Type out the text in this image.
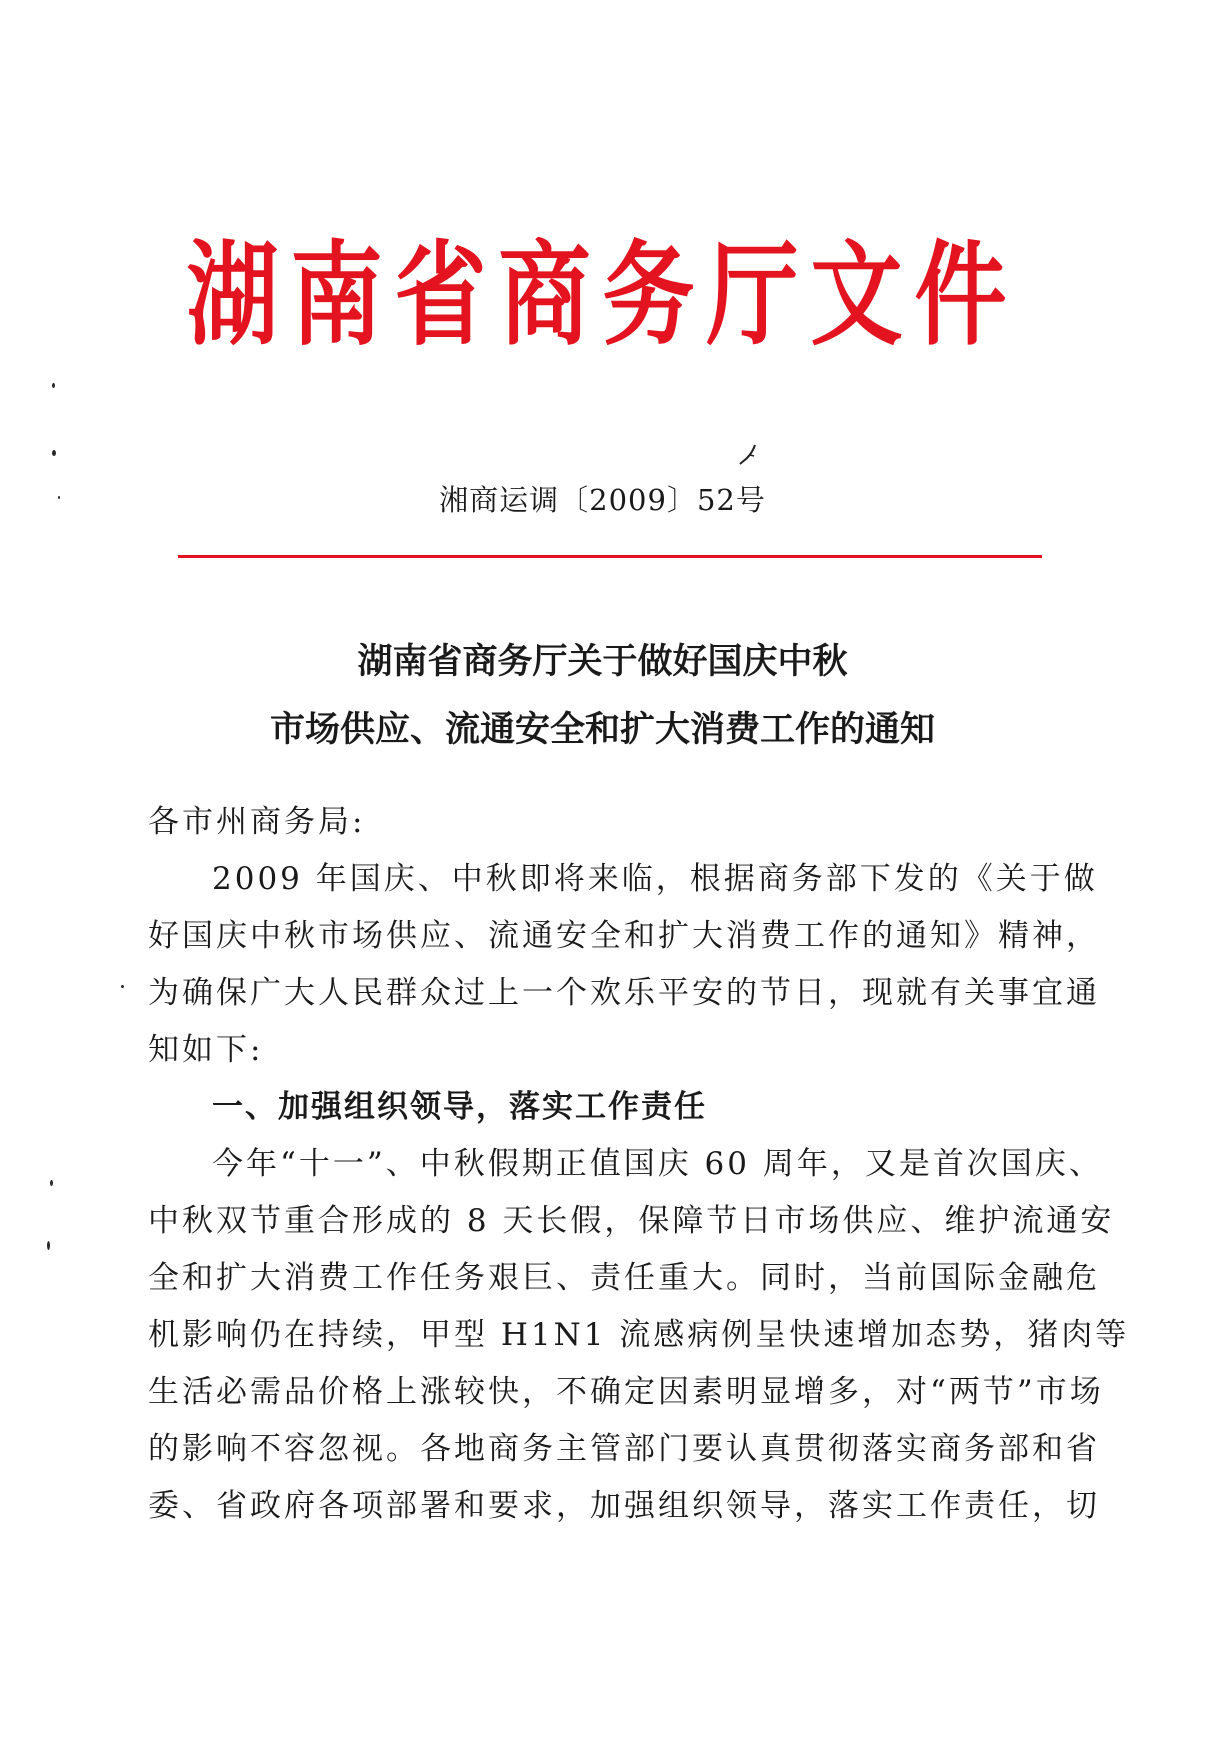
湖南省商务厅文件
湘商运调〔2009〕52号
湖南省商务厅关于做好国庆中秋
市场供应、流通安全和扩大消费工作的通知
各市州商务局:
2009 年国庆、中秋即将来临，根据商务部下发的《关于做
好国庆中秋市场供应、流通安全和扩大消费工作的通知》精神，
为确保广大人民群众过上一个欢乐平安的节日，现就有关事宜通
知如下:
一、加强组织领导，落实工作责任
今年“十一”、中秋假期正值国庆 60 周年，又是首次国庆、
中秋双节重合形成的 8 天长假，保障节日市场供应、维护流通安
全和扩大消费工作任务艰巨、责任重大。同时，当前国际金融危
机影响仍在持续，甲型 H1N1 流感病例呈快速增加态势，猪肉等
生活必需品价格上涨较快，不确定因素明显增多，对“两节”市场
的影响不容忽视。各地商务主管部门要认真贯彻落实商务部和省
委、省政府各项部署和要求，加强组织领导，落实工作责任，切
